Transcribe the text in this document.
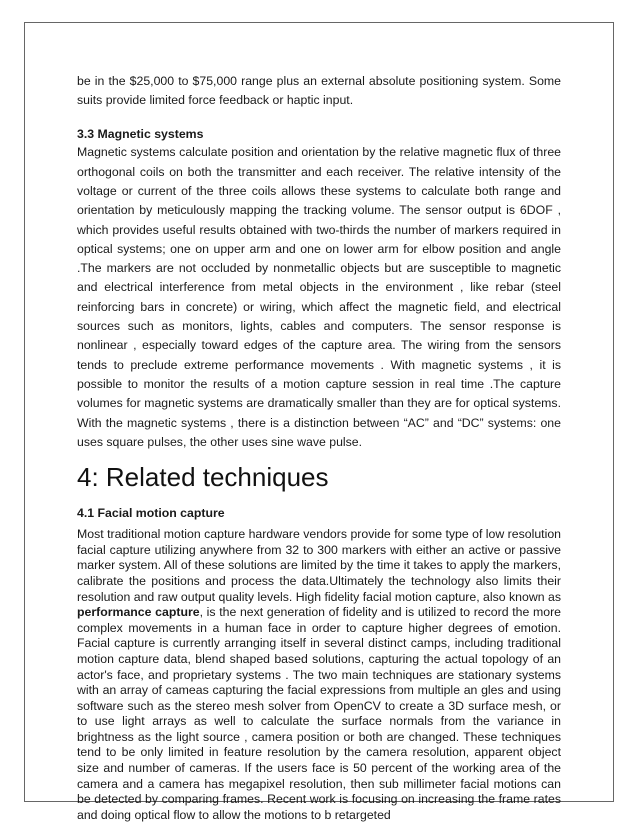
be in the $25,000 to $75,000 range plus an external absolute positioning system. Some suits provide limited force feedback or haptic input.

3.3 Magnetic systems

Magnetic systems calculate position and orientation by the relative magnetic flux of three orthogonal coils on both the transmitter and each receiver. The relative intensity of the voltage or current of the three coils allows these systems to calculate both range and orientation by meticulously mapping the tracking volume. The sensor output is 6DOF , which provides useful results obtained with two-thirds the number of markers required in optical systems; one on upper arm and one on lower arm for elbow position and angle .The markers are not occluded by nonmetallic objects but are susceptible to magnetic and electrical interference from metal objects in the environment , like rebar (steel reinforcing bars in concrete) or wiring, which affect the magnetic field, and electrical sources such as monitors, lights, cables and computers. The sensor response is nonlinear , especially toward edges of the capture area. The wiring from the sensors tends to preclude extreme performance movements . With magnetic systems , it is possible to monitor the results of a motion capture session in real time .The capture volumes for magnetic systems are dramatically smaller than they are for optical systems. With the magnetic systems , there is a distinction between “AC” and “DC” systems: one uses square pulses, the other uses sine wave pulse.

4: Related techniques
4.1 Facial motion capture

Most traditional motion capture hardware vendors provide for some type of low resolution facial capture utilizing anywhere from 32 to 300 markers with either an active or passive marker system. All of these solutions are limited by the time it takes to apply the markers, calibrate the positions and process the data.Ultimately the technology also limits their resolution and raw output quality levels. High fidelity facial motion capture, also known as performance capture, is the next generation of fidelity and is utilized to record the more complex movements in a human face in order to capture higher degrees of emotion. Facial capture is currently arranging itself in several distinct camps, including traditional motion capture data, blend shaped based solutions, capturing the actual topology of an actor's face, and proprietary systems . The two main techniques are stationary systems with an array of cameas capturing the facial expressions from multiple an gles and using software such as the stereo mesh solver from OpenCV to create a 3D surface mesh, or to use light arrays as well to calculate the surface normals from the variance in brightness as the light source , camera position or both are changed. These techniques tend to be only limited in feature resolution by the camera resolution, apparent object size and number of cameras. If the users face is 50 percent of the working area of the camera and a camera has megapixel resolution, then sub millimeter facial motions can be detected by comparing frames. Recent work is focusing on increasing the frame rates and doing optical flow to allow the motions to b retargeted
